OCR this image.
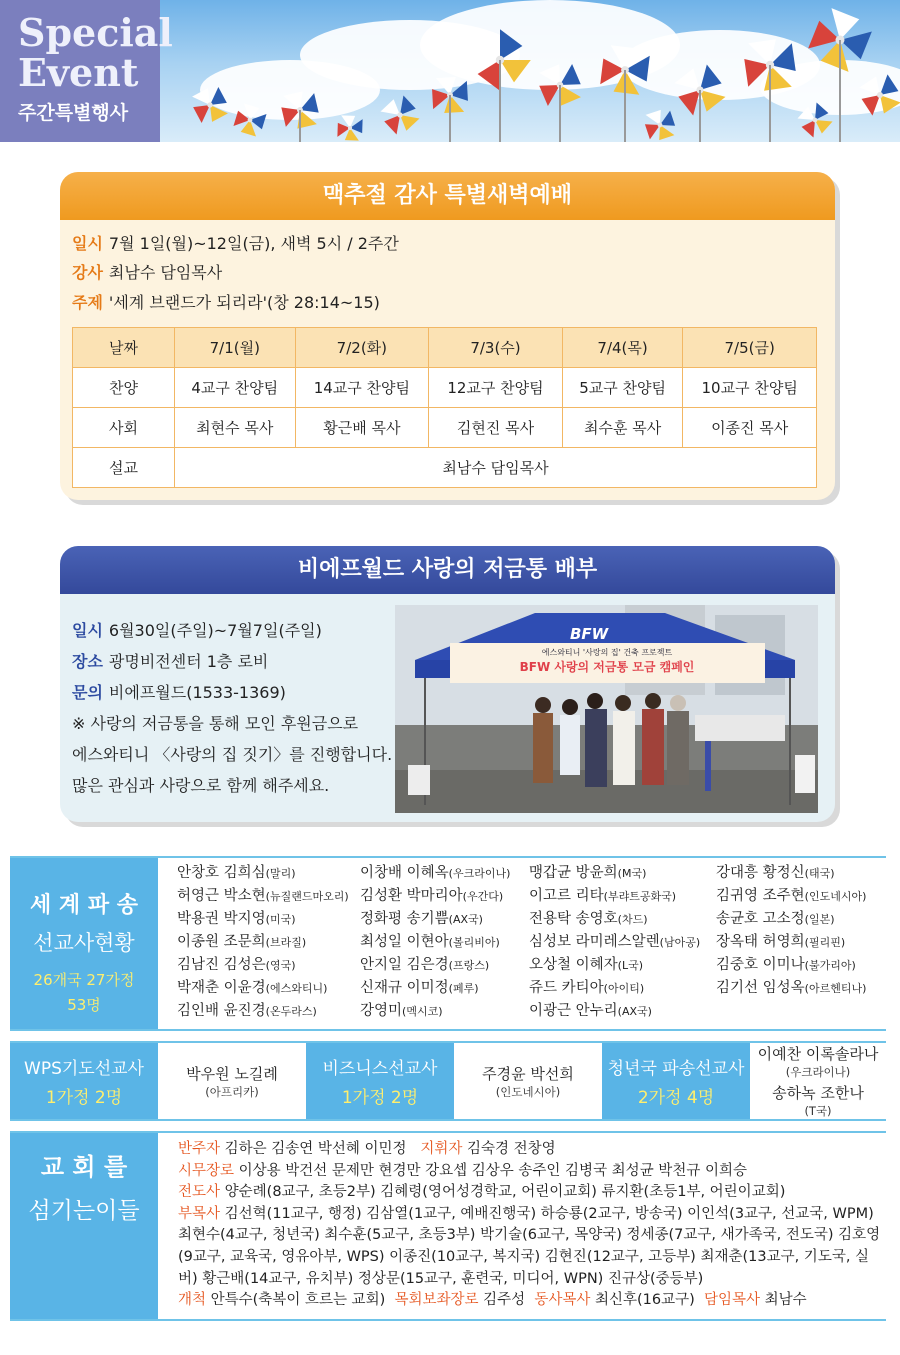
Special
Event
주간특별행사
맥추절 감사 특별새벽예배
일시 7월 1일(월)~12일(금), 새벽 5시 / 2주간
강사 최남수 담임목사
주제 '세계 브랜드가 되리라'(창 28:14~15)
날짜	7/1(월)	7/2(화)	7/3(수)	7/4(목)	7/5(금)
찬양	4교구 찬양팀	14교구 찬양팀	12교구 찬양팀	5교구 찬양팀	10교구 찬양팀
사회	최현수 목사	황근배 목사	김현진 목사	최수훈 목사	이종진 목사
설교	최남수 담임목사				
비에프월드 사랑의 저금통 배부
일시 6월30일(주일)~7월7일(주일)
장소 광명비전센터 1층 로비
문의 비에프월드(1533-1369)
※ 사랑의 저금통을 통해 모인 후원금으로
에스와티니 〈사랑의 집 짓기〉를 진행합니다.
많은 관심과 사랑으로 함께 해주세요.
BFW
에스와티니 '사랑의 집' 건축 프로젝트
BFW 사랑의 저금통 모금 캠페인
세 계 파 송
선교사현황
26개국 27가정
53명
안창호 김희심(말리)
허영근 박소현(뉴질랜드마오리)
박용권 박지영(미국)
이종원 조문희(브라질)
김남진 김성은(영국)
박재춘 이윤경(에스와티니)
김인배 윤진경(온두라스)
이창배 이혜옥(우크라이나)
김성환 박마리아(우간다)
정화평 송기쁨(AX국)
최성일 이현아(볼리비아)
안지일 김은경(프랑스)
신재규 이미정(페루)
강영미(멕시코)
맹갑균 방윤희(M국)
이고르 리타(부랴트공화국)
전용탁 송영호(차드)
심성보 라미레스알렌(남아공)
오상철 이혜자(L국)
쥬드 카티아(아이티)
이광근 안누리(AX국)
강대흥 황정신(태국)
김귀영 조주현(인도네시아)
송균호 고소정(일본)
장옥태 허영희(필리핀)
김중호 이미나(불가리아)
김기선 임성옥(아르헨티나)
WPS기도선교사
1가정 2명
박우원 노길례
(아프리카)
비즈니스선교사
1가정 2명
주경윤 박선희
(인도네시아)
청년국 파송선교사
2가정 4명
이예찬 이록솔라나
(우크라이나)
송하녹 조한나
(T국)
교 회 를
섬기는이들
반주자 김하은 김송연 박선혜 이민정 지휘자 김숙경 전창영
시무장로 이상용 박건선 문제만 현경만 강요셉 김상우 송주인 김병국 최성균 박천규 이희승
전도사 양순례(8교구, 초등2부) 김혜령(영어성경학교, 어린이교회) 류지환(초등1부, 어린이교회)
부목사 김선혁(11교구, 행정) 김삼열(1교구, 예배진행국) 하승룡(2교구, 방송국) 이인석(3교구, 선교국, WPM) 최현수(4교구, 청년국) 최수훈(5교구, 초등3부) 박기술(6교구, 목양국) 정세종(7교구, 새가족국, 전도국) 김호영(9교구, 교육국, 영유아부, WPS) 이종진(10교구, 복지국) 김현진(12교구, 고등부) 최재춘(13교구, 기도국, 실버) 황근배(14교구, 유치부) 정상문(15교구, 훈련국, 미디어, WPN) 진규상(중등부)
개척 안특수(축복이 흐르는 교회) 목회보좌장로 김주성 동사목사 최신후(16교구) 담임목사 최남수
